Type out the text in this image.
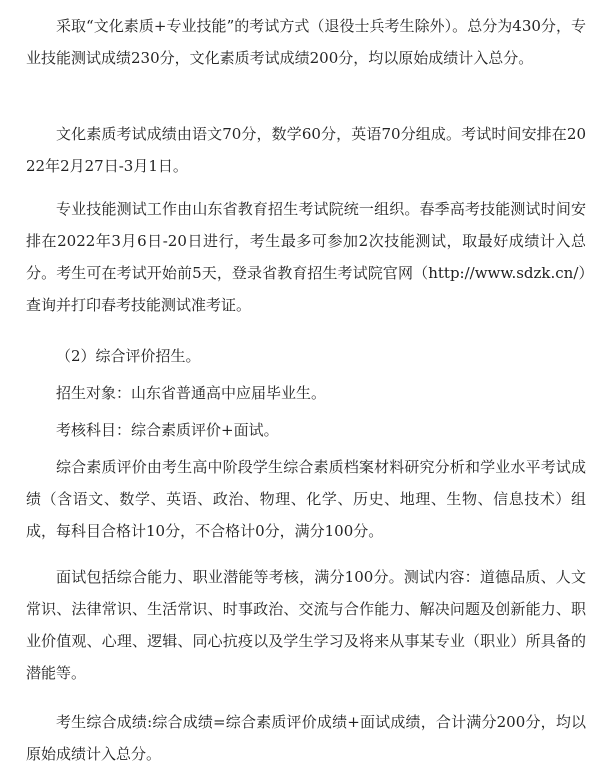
采取“文化素质+专业技能”的考试方式（退役士兵考生除外）。总分为430分，专业技能测试成绩230分，文化素质考试成绩200分，均以原始成绩计入总分。

文化素质考试成绩由语文70分，数学60分，英语70分组成。考试时间安排在2022年2月27日-3月1日。

专业技能测试工作由山东省教育招生考试院统一组织。春季高考技能测试时间安排在2022年3月6日-20日进行，考生最多可参加2次技能测试，取最好成绩计入总分。考生可在考试开始前5天，登录省教育招生考试院官网（http://www.sdzk.cn/）查询并打印春考技能测试准考证。

（2）综合评价招生。

招生对象：山东省普通高中应届毕业生。

考核科目：综合素质评价+面试。

综合素质评价由考生高中阶段学生综合素质档案材料研究分析和学业水平考试成绩（含语文、数学、英语、政治、物理、化学、历史、地理、生物、信息技术）组成，每科目合格计10分，不合格计0分，满分100分。

面试包括综合能力、职业潜能等考核，满分100分。测试内容：道德品质、人文常识、法律常识、生活常识、时事政治、交流与合作能力、解决问题及创新能力、职业价值观、心理、逻辑、同心抗疫以及学生学习及将来从事某专业（职业）所具备的潜能等。

考生综合成绩:综合成绩=综合素质评价成绩+面试成绩，合计满分200分，均以原始成绩计入总分。
